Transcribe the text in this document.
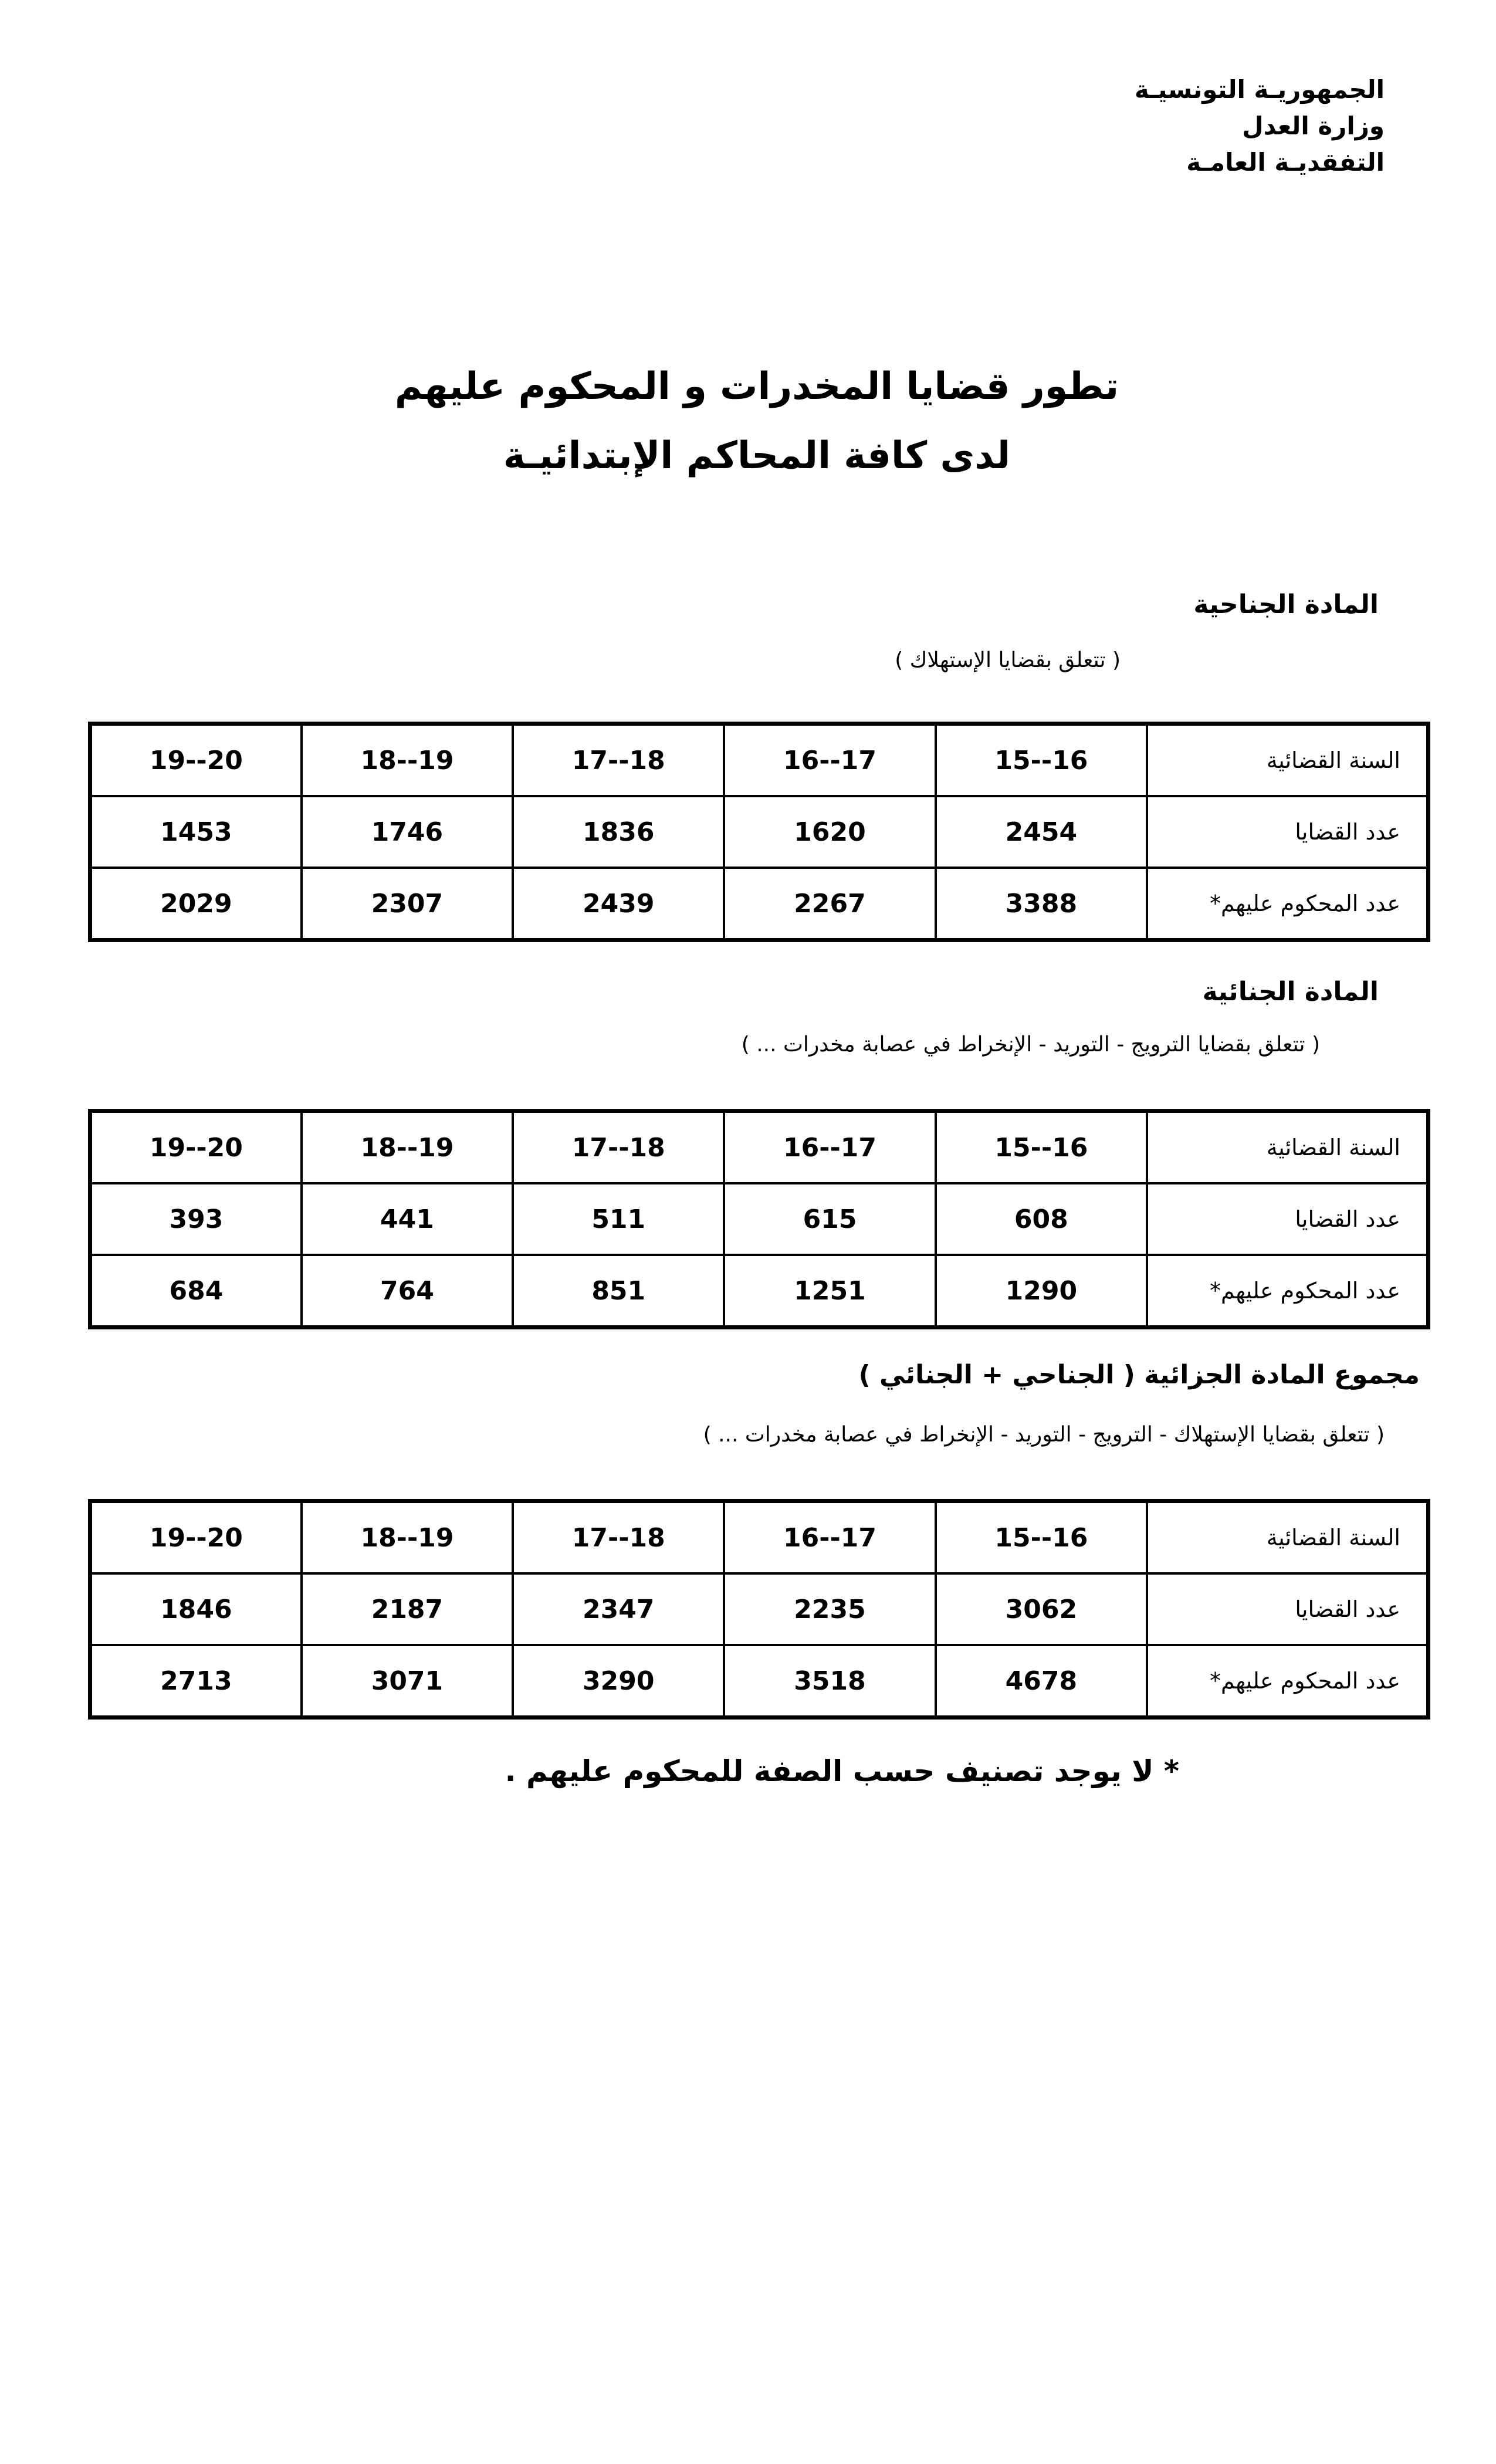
الجمهوريـة التونسيـة
وزارة العدل
التفقديـة العامـة
تطور قضايا المخدرات و المحكوم عليهم
لدى كافة المحاكم الإبتدائيـة
المادة الجناحية
( تتعلق بقضايا الإستهلاك )
19--20	18--19	17--18	16--17	15--16	السنة القضائية
1453	1746	1836	1620	2454	عدد القضايا
2029	2307	2439	2267	3388	عدد المحكوم عليهم*
المادة الجنائية
( تتعلق بقضايا الترويج - التوريد - الإنخراط في عصابة مخدرات ... )
19--20	18--19	17--18	16--17	15--16	السنة القضائية
393	441	511	615	608	عدد القضايا
684	764	851	1251	1290	عدد المحكوم عليهم*
مجموع المادة الجزائية ( الجناحي + الجنائي )
( تتعلق بقضايا الإستهلاك - الترويج - التوريد - الإنخراط في عصابة مخدرات ... )
19--20	18--19	17--18	16--17	15--16	السنة القضائية
1846	2187	2347	2235	3062	عدد القضايا
2713	3071	3290	3518	4678	عدد المحكوم عليهم*
* لا يوجد تصنيف حسب الصفة للمحكوم عليهم .
